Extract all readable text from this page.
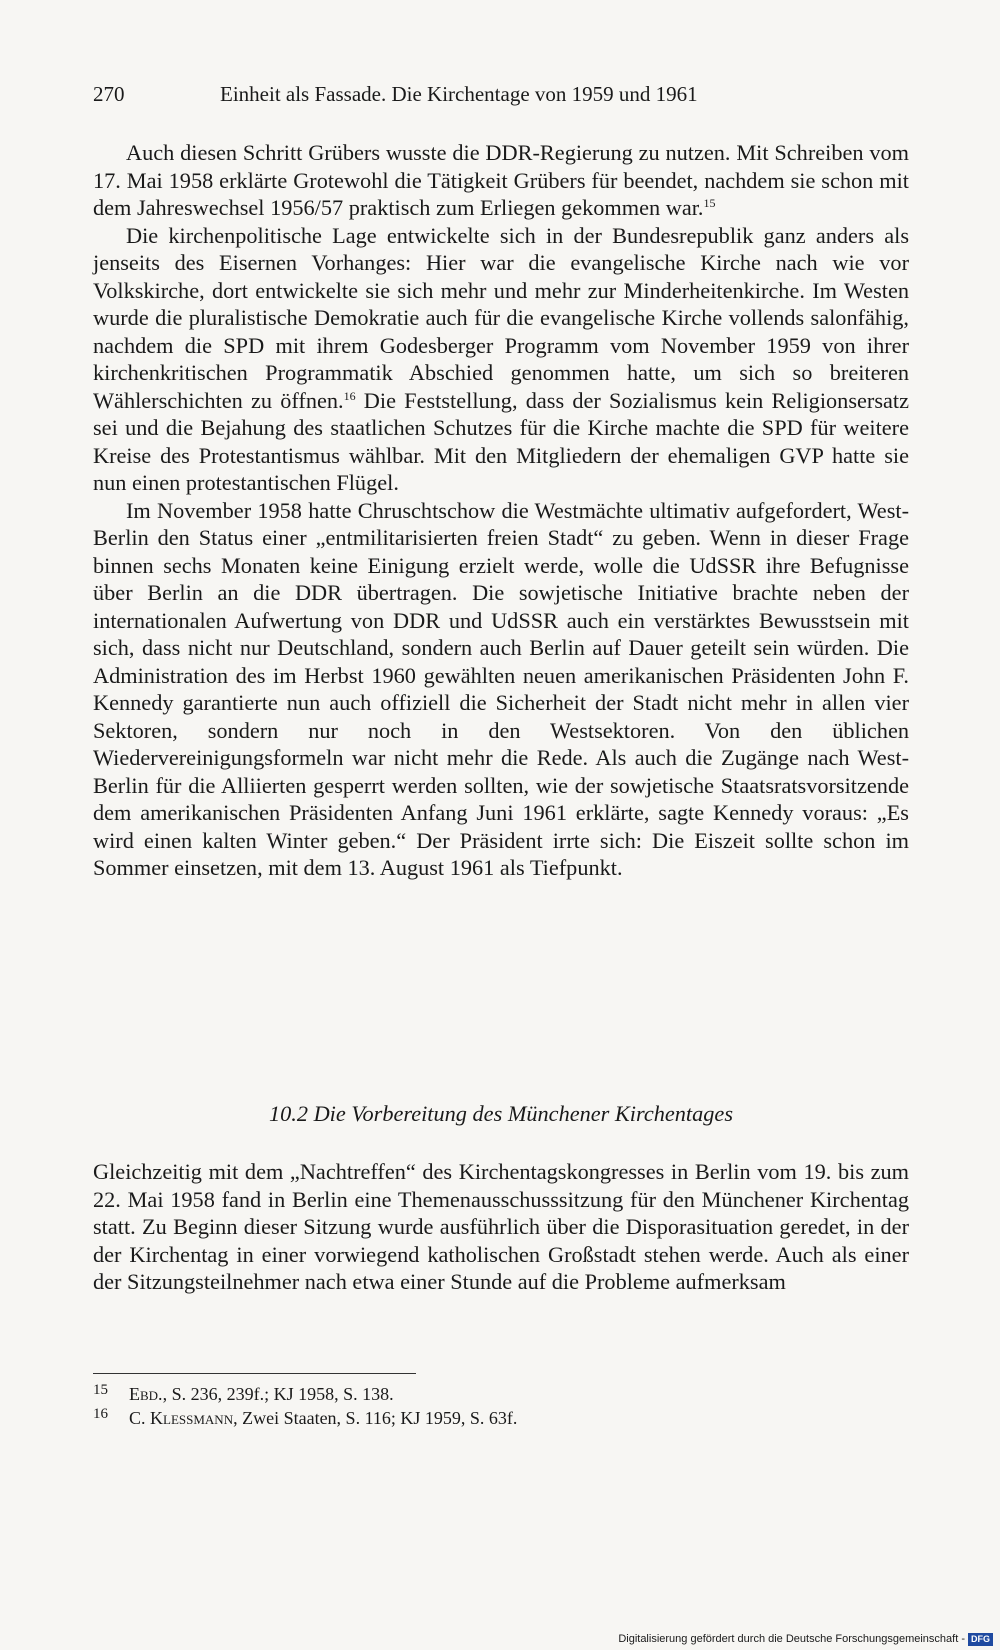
270	Einheit als Fassade. Die Kirchentage von 1959 und 1961

Auch diesen Schritt Grübers wusste die DDR-Regierung zu nutzen. Mit Schreiben vom 17. Mai 1958 erklärte Grotewohl die Tätigkeit Grübers für beendet, nachdem sie schon mit dem Jahreswechsel 1956/57 praktisch zum Erliegen gekommen war.$^{15}$

Die kirchenpolitische Lage entwickelte sich in der Bundesrepublik ganz anders als jenseits des Eisernen Vorhanges: Hier war die evangelische Kirche nach wie vor Volkskirche, dort entwickelte sie sich mehr und mehr zur Minderheitenkirche. Im Westen wurde die pluralistische Demokratie auch für die evangelische Kirche vollends salonfähig, nachdem die SPD mit ihrem Godesberger Programm vom November 1959 von ihrer kirchenkritischen Programmatik Abschied genommen hatte, um sich so breiteren Wählerschichten zu öffnen.$^{16}$ Die Feststellung, dass der Sozialismus kein Religionsersatz sei und die Bejahung des staatlichen Schutzes für die Kirche machte die SPD für weitere Kreise des Protestantismus wählbar. Mit den Mitgliedern der ehemaligen GVP hatte sie nun einen protestantischen Flügel.

Im November 1958 hatte Chruschtschow die Westmächte ultimativ aufgefordert, West-Berlin den Status einer „entmilitarisierten freien Stadt“ zu geben. Wenn in dieser Frage binnen sechs Monaten keine Einigung erzielt werde, wolle die UdSSR ihre Befugnisse über Berlin an die DDR übertragen. Die sowjetische Initiative brachte neben der internationalen Aufwertung von DDR und UdSSR auch ein verstärktes Bewusstsein mit sich, dass nicht nur Deutschland, sondern auch Berlin auf Dauer geteilt sein würden. Die Administration des im Herbst 1960 gewählten neuen amerikanischen Präsidenten John F. Kennedy garantierte nun auch offiziell die Sicherheit der Stadt nicht mehr in allen vier Sektoren, sondern nur noch in den Westsektoren. Von den üblichen Wiedervereinigungsformeln war nicht mehr die Rede. Als auch die Zugänge nach West-Berlin für die Alliierten gesperrt werden sollten, wie der sowjetische Staatsratsvorsitzende dem amerikanischen Präsidenten Anfang Juni 1961 erklärte, sagte Kennedy voraus: „Es wird einen kalten Winter geben.“ Der Präsident irrte sich: Die Eiszeit sollte schon im Sommer einsetzen, mit dem 13. August 1961 als Tiefpunkt.

10.2 Die Vorbereitung des Münchener Kirchentages

Gleichzeitig mit dem „Nachtreffen“ des Kirchentagskongresses in Berlin vom 19. bis zum 22. Mai 1958 fand in Berlin eine Themenausschusssitzung für den Münchener Kirchentag statt. Zu Beginn dieser Sitzung wurde ausführlich über die Disporasituation geredet, in der der Kirchentag in einer vorwiegend katholischen Großstadt stehen werde. Auch als einer der Sitzungsteilnehmer nach etwa einer Stunde auf die Probleme aufmerksam

15	Ebd., S. 236, 239f.; KJ 1958, S. 138.
16	C. Klessmann, Zwei Staaten, S. 116; KJ 1959, S. 63f.
Digitalisierung gefördert durch die Deutsche Forschungsgemeinschaft - DFG
